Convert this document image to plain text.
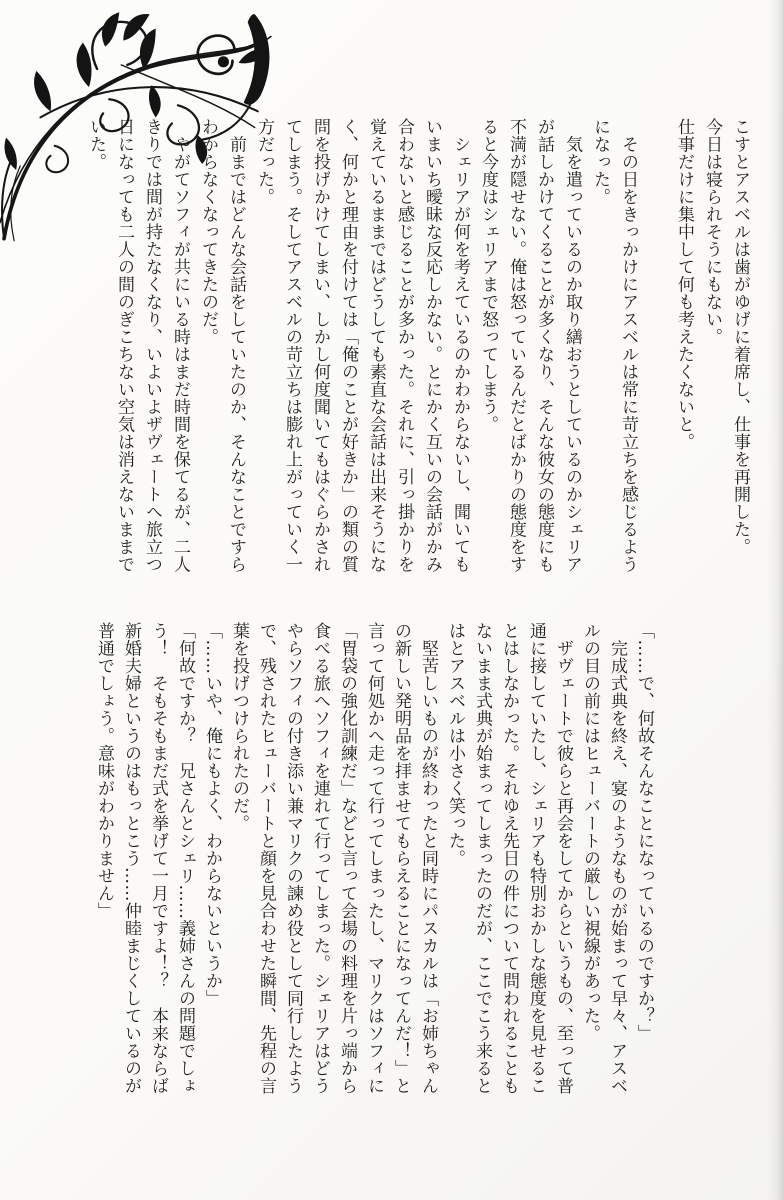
こすとアスベルは歯がゆげに着席し、仕事を再開した。

今日は寝られそうにもない。

仕事だけに集中して何も考えたくないと。

　その日をきっかけにアスベルは常に苛立ちを感じるようになった。

　気を遣っているのか取り繕おうとしているのかシェリアが話しかけてくることが多くなり、そんな彼女の態度にも不満が隠せない。俺は怒っているんだとばかりの態度をすると今度はシェリアまで怒ってしまう。

　シェリアが何を考えているのかわからないし、聞いてもいまいち曖昧な反応しかない。とにかく互いの会話がかみ合わないと感じることが多かった。それに、引っ掛かりを覚えているままではどうしても素直な会話は出来そうになく、何かと理由を付けては「俺のことが好きか」の類の質問を投げかけてしまい、しかし何度聞いてもはぐらかされてしまう。そしてアスベルの苛立ちは膨れ上がっていく一方だった。

　前まではどんな会話をしていたのか、そんなことですらわからなくなってきたのだ。

　やがてソフィが共にいる時はまだ時間を保てるが、二人きりでは間が持たなくなり、いよいよザヴェートへ旅立つ日になっても二人の間のぎこちない空気は消えないままでいた。

「……で、何故そんなことになっているのですか？」

　完成式典を終え、宴のようなものが始まって早々、アスベルの目の前にはヒューバートの厳しい視線があった。

　ザヴェートで彼らと再会をしてからというもの、至って普通に接していたし、シェリアも特別おかしな態度を見せることはしなかった。それゆえ先日の件について問われることもないまま式典が始まってしまったのだが、ここでこう来るとはとアスベルは小さく笑った。

　堅苦しいものが終わったと同時にパスカルは「お姉ちゃんの新しい発明品を拝ませてもらえることになってんだ！」と言って何処かへ走って行ってしまったし、マリクはソフィに「胃袋の強化訓練だ」などと言って会場の料理を片っ端から食べる旅へソフィを連れて行ってしまった。シェリアはどうやらソフィの付き添い兼マリクの諫め役として同行したようで、残されたヒューバートと顔を見合わせた瞬間、先程の言葉を投げつけられたのだ。

「……いや、俺にもよく、わからないというか」

「何故ですか？　兄さんとシェリ……義姉さんの問題でしょう！　そもそもまだ式を挙げて一月ですよ！？　本来ならば新婚夫婦というのはもっとこう……仲睦まじくしているのが普通でしょう。意味がわかりません」
